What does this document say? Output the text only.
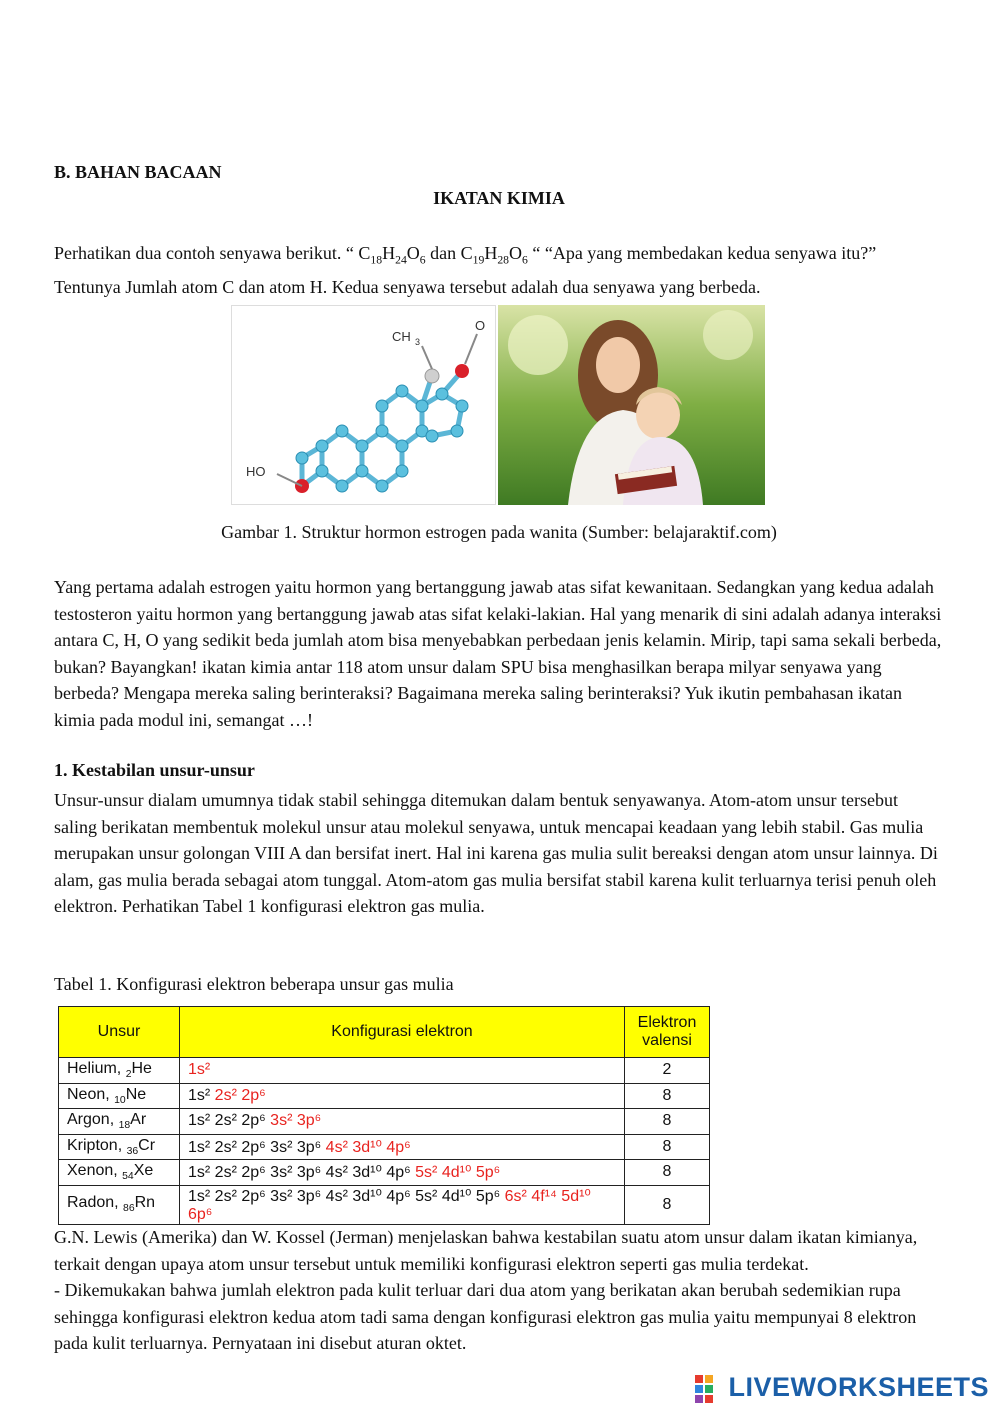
B. BAHAN BACAAN
IKATAN KIMIA
Perhatikan dua contoh senyawa berikut. “ $C_{18}H_{24}O_6$ dan $C_{19}H_{28}O_6$ “ “Apa yang membedakan kedua senyawa itu?” Tentunya Jumlah atom C dan atom H. Kedua senyawa tersebut adalah dua senyawa yang berbeda.
CH 3
O
HO
Gambar 1. Struktur hormon estrogen pada wanita (Sumber: belajaraktif.com)
Yang pertama adalah estrogen yaitu hormon yang bertanggung jawab atas sifat kewanitaan. Sedangkan yang kedua adalah testosteron yaitu hormon yang bertanggung jawab atas sifat kelaki-lakian. Hal yang menarik di sini adalah adanya interaksi antara C, H, O yang sedikit beda jumlah atom bisa menyebabkan perbedaan jenis kelamin. Mirip, tapi sama sekali berbeda, bukan? Bayangkan! ikatan kimia antar 118 atom unsur dalam SPU bisa menghasilkan berapa milyar senyawa yang berbeda? Mengapa mereka saling berinteraksi? Bagaimana mereka saling berinteraksi? Yuk ikutin pembahasan ikatan kimia pada modul ini, semangat …!
1. Kestabilan unsur-unsur
Unsur-unsur dialam umumnya tidak stabil sehingga ditemukan dalam bentuk senyawanya. Atom-atom unsur tersebut saling berikatan membentuk molekul unsur atau molekul senyawa, untuk mencapai keadaan yang lebih stabil. Gas mulia merupakan unsur golongan VIII A dan bersifat inert. Hal ini karena gas mulia sulit bereaksi dengan atom unsur lainnya. Di alam, gas mulia berada sebagai atom tunggal. Atom-atom gas mulia bersifat stabil karena kulit terluarnya terisi penuh oleh elektron. Perhatikan Tabel 1 konfigurasi elektron gas mulia.
Tabel 1. Konfigurasi elektron beberapa unsur gas mulia
Unsur	Konfigurasi elektron	Elektron valensi
Helium, $_2$He	1s²	2
Neon, $_{10}$Ne	1s² 2s² 2p⁶	8
Argon, $_{18}$Ar	1s² 2s² 2p⁶ 3s² 3p⁶	8
Kripton, $_{36}$Cr	1s² 2s² 2p⁶ 3s² 3p⁶ 4s² 3d¹⁰ 4p⁶	8
Xenon, $_{54}$Xe	1s² 2s² 2p⁶ 3s² 3p⁶ 4s² 3d¹⁰ 4p⁶ 5s² 4d¹⁰ 5p⁶	8
Radon, $_{86}$Rn	1s² 2s² 2p⁶ 3s² 3p⁶ 4s² 3d¹⁰ 4p⁶ 5s² 4d¹⁰ 5p⁶ 6s² 4f¹⁴ 5d¹⁰ 6p⁶	8
G.N. Lewis (Amerika) dan W. Kossel (Jerman) menjelaskan bahwa kestabilan suatu atom unsur dalam ikatan kimianya, terkait dengan upaya atom unsur tersebut untuk memiliki konfigurasi elektron seperti gas mulia terdekat.
- Dikemukakan bahwa jumlah elektron pada kulit terluar dari dua atom yang berikatan akan berubah sedemikian rupa sehingga konfigurasi elektron kedua atom tadi sama dengan konfigurasi elektron gas mulia yaitu mempunyai 8 elektron pada kulit terluarnya. Pernyataan ini disebut aturan oktet.
LIVEWORKSHEETS
